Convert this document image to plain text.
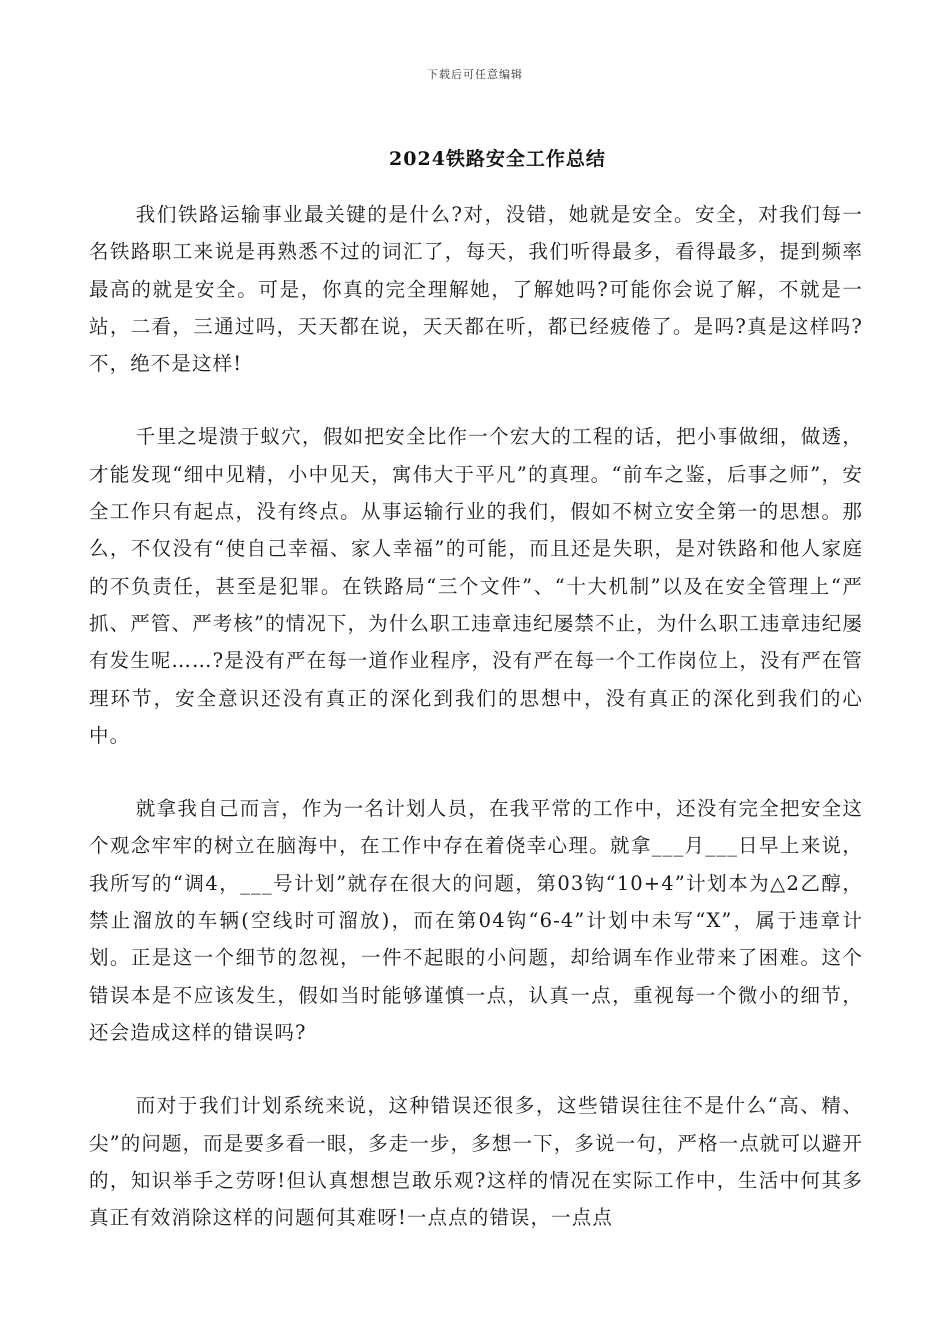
下载后可任意编辑
2024铁路安全工作总结

我们铁路运输事业最关键的是什么?对，没错，她就是安全。安全，对我们每一名铁路职工来说是再熟悉不过的词汇了，每天，我们听得最多，看得最多，提到频率最高的就是安全。可是，你真的完全理解她，了解她吗?可能你会说了解，不就是一站，二看，三通过吗，天天都在说，天天都在听，都已经疲倦了。是吗?真是这样吗?不，绝不是这样!

千里之堤溃于蚁穴，假如把安全比作一个宏大的工程的话，把小事做细，做透，才能发现“细中见精，小中见天，寓伟大于平凡”的真理。“前车之鉴，后事之师”，安全工作只有起点，没有终点。从事运输行业的我们，假如不树立安全第一的思想。那么，不仅没有“使自己幸福、家人幸福”的可能，而且还是失职，是对铁路和他人家庭的不负责任，甚至是犯罪。在铁路局“三个文件”、“十大机制”以及在安全管理上“严抓、严管、严考核”的情况下，为什么职工违章违纪屡禁不止，为什么职工违章违纪屡有发生呢……?是没有严在每一道作业程序，没有严在每一个工作岗位上，没有严在管理环节，安全意识还没有真正的深化到我们的思想中，没有真正的深化到我们的心中。

就拿我自己而言，作为一名计划人员，在我平常的工作中，还没有完全把安全这个观念牢牢的树立在脑海中，在工作中存在着侥幸心理。就拿___月___日早上来说，我所写的“调4，___号计划”就存在很大的问题，第03钩“10+4”计划本为△2乙醇，禁止溜放的车辆(空线时可溜放)，而在第04钩“6-4”计划中未写“X”，属于违章计划。正是这一个细节的忽视，一件不起眼的小问题，却给调车作业带来了困难。这个错误本是不应该发生，假如当时能够谨慎一点，认真一点，重视每一个微小的细节，还会造成这样的错误吗?

而对于我们计划系统来说，这种错误还很多，这些错误往往不是什么“高、精、尖”的问题，而是要多看一眼，多走一步，多想一下，多说一句，严格一点就可以避开的，知识举手之劳呀!但认真想想岂敢乐观?这样的情况在实际工作中，生活中何其多真正有效消除这样的问题何其难呀!一点点的错误，一点点
